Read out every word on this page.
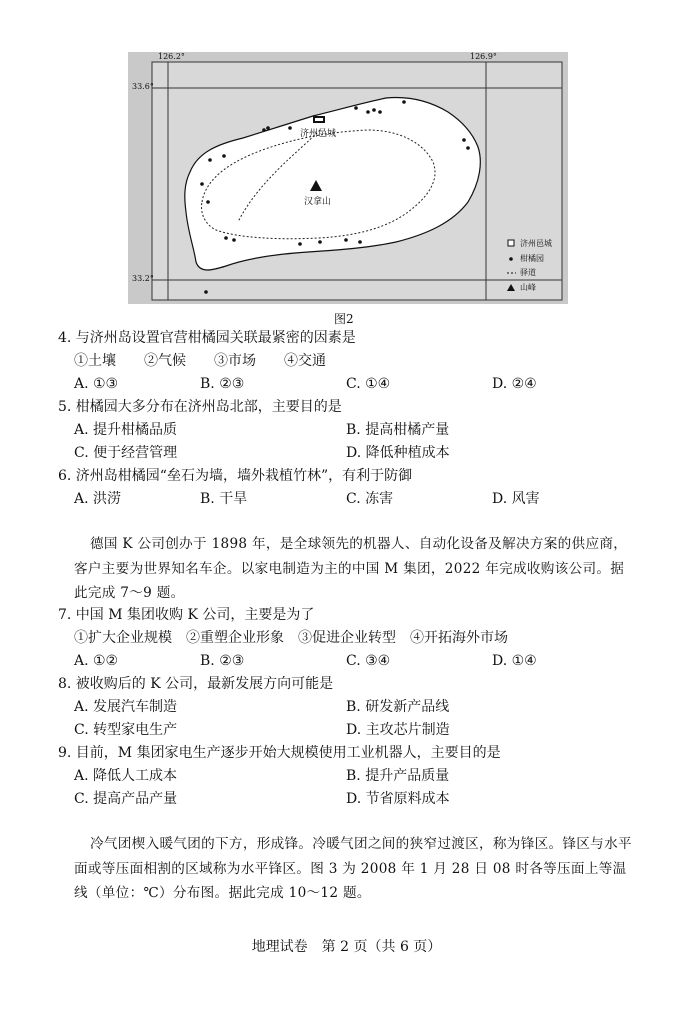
126.2°	126.9°
33.6°
33.2°
济州邑城
汉拿山
济州邑城
柑橘园
驿道
山峰
图2
4. 与济州岛设置官营柑橘园关联最紧密的因素是
①土壤　　②气候　　③市场　　④交通
A. ①③	B. ②③	C. ①④	D. ②④
5. 柑橘园大多分布在济州岛北部，主要目的是
A. 提升柑橘品质	B. 提高柑橘产量
C. 便于经营管理	D. 降低种植成本
6. 济州岛柑橘园“垒石为墙，墙外栽植竹林”，有利于防御
A. 洪涝	B. 干旱	C. 冻害	D. 风害
德国 K 公司创办于 1898 年，是全球领先的机器人、自动化设备及解决方案的供应商，客户主要为世界知名车企。以家电制造为主的中国 M 集团，2022 年完成收购该公司。据此完成 7～9 题。
7. 中国 M 集团收购 K 公司，主要是为了
①扩大企业规模　②重塑企业形象　③促进企业转型　④开拓海外市场
A. ①②	B. ②③	C. ③④	D. ①④
8. 被收购后的 K 公司，最新发展方向可能是
A. 发展汽车制造	B. 研发新产品线
C. 转型家电生产	D. 主攻芯片制造
9. 目前，M 集团家电生产逐步开始大规模使用工业机器人，主要目的是
A. 降低人工成本	B. 提升产品质量
C. 提高产品产量	D. 节省原料成本
冷气团楔入暖气团的下方，形成锋。冷暖气团之间的狭窄过渡区，称为锋区。锋区与水平面或等压面相割的区域称为水平锋区。图 3 为 2008 年 1 月 28 日 08 时各等压面上等温线（单位：℃）分布图。据此完成 10～12 题。
地理试卷　第 2 页（共 6 页）
